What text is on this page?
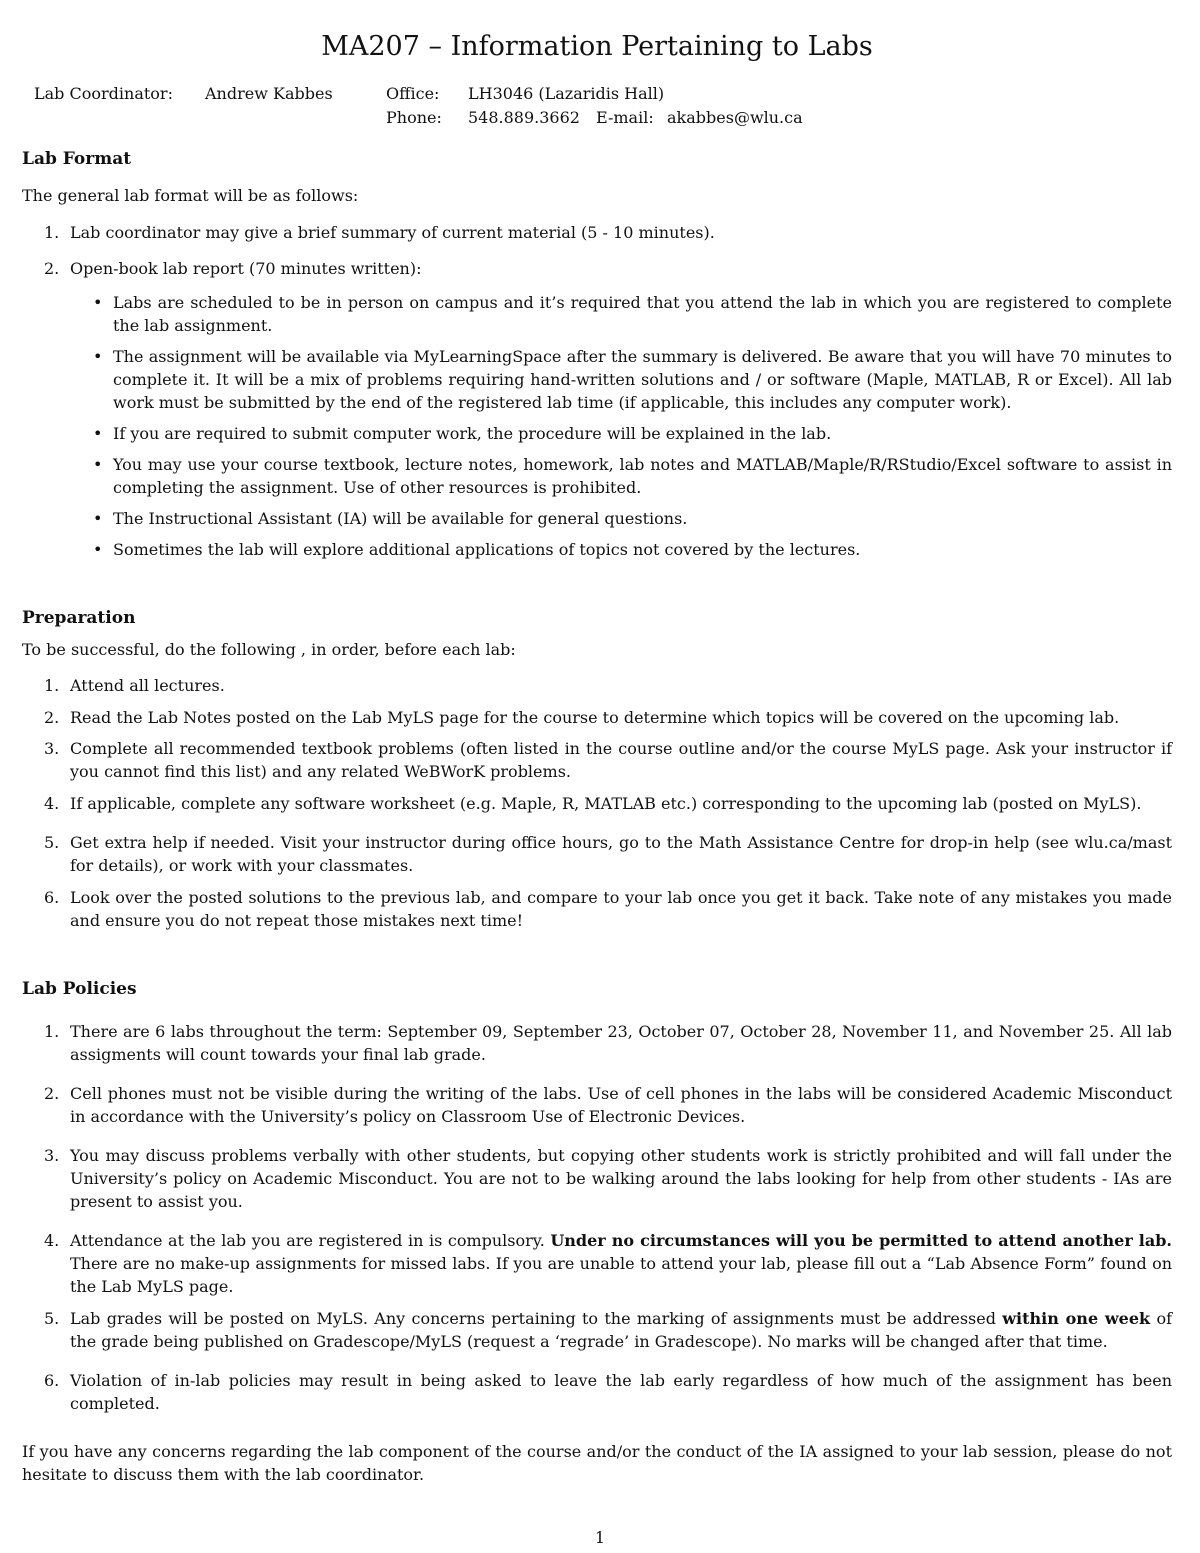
MA207 – Information Pertaining to Labs
Lab Coordinator: Andrew Kabbes	Office: LH3046 (Lazaridis Hall)
Phone: 548.889.3662 E-mail: akabbes@wlu.ca
Lab Format

The general lab format will be as follows:

1. Lab coordinator may give a brief summary of current material (5 - 10 minutes).
2. Open-book lab report (70 minutes written):
• Labs are scheduled to be in person on campus and it’s required that you attend the lab in which you are registered to complete the lab assignment.
• The assignment will be available via MyLearningSpace after the summary is delivered. Be aware that you will have 70 minutes to complete it. It will be a mix of problems requiring hand-written solutions and / or software (Maple, MATLAB, R or Excel). All lab work must be submitted by the end of the registered lab time (if applicable, this includes any computer work).
• If you are required to submit computer work, the procedure will be explained in the lab.
• You may use your course textbook, lecture notes, homework, lab notes and MATLAB/Maple/R/RStudio/Excel software to assist in completing the assignment. Use of other resources is prohibited.
• The Instructional Assistant (IA) will be available for general questions.
• Sometimes the lab will explore additional applications of topics not covered by the lectures.
Preparation

To be successful, do the following , in order, before each lab:

1. Attend all lectures.
2. Read the Lab Notes posted on the Lab MyLS page for the course to determine which topics will be covered on the upcoming lab.
3. Complete all recommended textbook problems (often listed in the course outline and/or the course MyLS page. Ask your instructor if you cannot find this list) and any related WeBWorK problems.
4. If applicable, complete any software worksheet (e.g. Maple, R, MATLAB etc.) corresponding to the upcoming lab (posted on MyLS).
5. Get extra help if needed. Visit your instructor during office hours, go to the Math Assistance Centre for drop-in help (see wlu.ca/mast for details), or work with your classmates.
6. Look over the posted solutions to the previous lab, and compare to your lab once you get it back. Take note of any mistakes you made and ensure you do not repeat those mistakes next time!
Lab Policies
1. There are 6 labs throughout the term: September 09, September 23, October 07, October 28, November 11, and November 25. All lab assigments will count towards your final lab grade.
2. Cell phones must not be visible during the writing of the labs. Use of cell phones in the labs will be considered Academic Misconduct in accordance with the University’s policy on Classroom Use of Electronic Devices.
3. You may discuss problems verbally with other students, but copying other students work is strictly prohibited and will fall under the University’s policy on Academic Misconduct. You are not to be walking around the labs looking for help from other students - IAs are present to assist you.
4. Attendance at the lab you are registered in is compulsory. Under no circumstances will you be permitted to attend another lab. There are no make-up assignments for missed labs. If you are unable to attend your lab, please fill out a “Lab Absence Form” found on the Lab MyLS page.
5. Lab grades will be posted on MyLS. Any concerns pertaining to the marking of assignments must be addressed within one week of the grade being published on Gradescope/MyLS (request a ‘regrade’ in Gradescope). No marks will be changed after that time.
6. Violation of in-lab policies may result in being asked to leave the lab early regardless of how much of the assignment has been completed.

If you have any concerns regarding the lab component of the course and/or the conduct of the IA assigned to your lab session, please do not hesitate to discuss them with the lab coordinator.

1
